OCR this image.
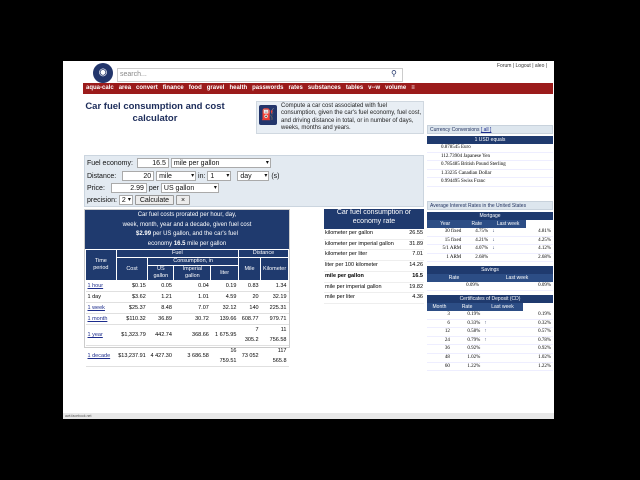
◉	search...	⚲
Forum | Logout | aleo |
aqua-calc area convert finance food gravel health passwords rates substances tables v--w volume ≡
Car fuel consumption and cost calculator	⛽
Compute a car cost associated with fuel consumption, given the car's fuel economy, fuel cost, and driving distance in total, or in number of days, weeks, months and years.
Fuel economy:	16.5 mile per gallon ▾
Distance:	20 mile ▾	in: 1 ▾	day ▾	(s)
Price:	2.99 per US gallon ▾
precision: 2 ▾ Calculate ×
Car fuel costs prorated per hour, day,
week, month, year and a decade, given fuel cost
$2.99 per US gallon, and the car's fuel
economy 16.5 mile per gallon
Time period	Fuel				Distance	
	Cost	Consumption, in			Mile	Kilometer
		US gallon	Imperial gallon	liter		
1 hour	$0.15	0.05	0.04	0.19	0.83	1.34
1 day	$3.62	1.21	1.01	4.59	20	32.19
1 week	$25.37	8.48	7.07	32.12	140	225.31
1 month	$110.32	36.89	30.72	139.66	608.77	979.71
1 year	$1,323.79	442.74	368.66	1 675.95	7 305.2	11 756.58
1 decade	$13,237.91	4 427.30	3 686.58	16 759.51	73 052	117 565.8
Car fuel consumption or economy rate
kilometer per gallon	26.55
kilometer per imperial gallon	31.89
kilometer per liter	7.01
liter per 100 kilometer	14.26
mile per gallon	16.5
mile per imperial gallon	19.82
mile per liter	4.36
Currency Conversions [ all ]
1 USD equals
0.878545 Euro
112.73904 Japanese Yen
0.785485 British Pound Sterling
1.33235 Canadian Dollar
0.994495 Swiss Franc
Average Interest Rates in the United States
Mortgage
Year	Rate	Last week	
30 fixed	4.75%	↓	4.81%
15 fixed	4.21%	↓	4.25%
5/1 ARM	4.07%	↓	4.12%
1 ARM	2.68%		2.68%
Savings
Rate	Last week
0.09%	0.09%
Certificates of Deposit (CD)
Month	Rate	Last week	
3	0.19%		0.19%
6	0.33%	↑	0.32%
12	0.58%	↑	0.57%
24	0.79%	↑	0.78%
36	0.92%		0.92%
48	1.02%		1.02%
60	1.22%		1.22%
awt.facebook.net
